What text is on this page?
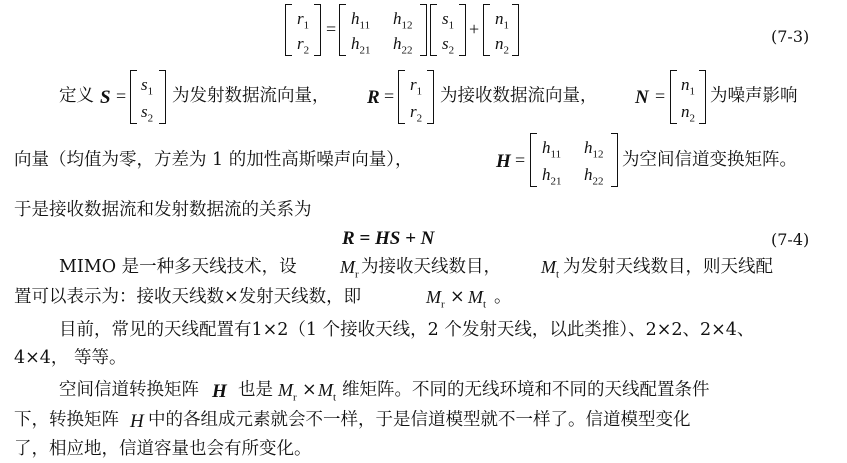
$r_1$
$r_2$
=
$h_{11}$ $h_{12}$
$h_{21}$ $h_{22}$
$s_1$
$s_2$
+
$n_1$
$n_2$
(7-3)
定义 S =
$s_1$
$s_2$
为发射数据流向量， R =
$r_1$
$r_2$
为接收数据流向量， N =
$n_1$
$n_2$
为噪声影响
向量（均值为零，方差为 1 的加性高斯噪声向量），	H =
$h_{11}$ $h_{12}$
$h_{21}$ $h_{22}$
为空间信道变换矩阵。
于是接收数据流和发射数据流的关系为
R = HS + N	(7-4)
MIMO 是一种多天线技术，设 $M_r$ 为接收天线数目， $M_t$ 为发射天线数目，则天线配
置可以表示为：接收天线数×发射天线数，即	$M_r \times M_t$ 。
目前，常见的天线配置有1×2（1 个接收天线，2 个发射天线，以此类推）、2×2、2×4、
4×4， 等等。
空间信道转换矩阵 H 也是 $M_r \times M_t$ 维矩阵。不同的无线环境和不同的天线配置条件
下，转换矩阵 H 中的各组成元素就会不一样，于是信道模型就不一样了。信道模型变化
了，相应地，信道容量也会有所变化。
